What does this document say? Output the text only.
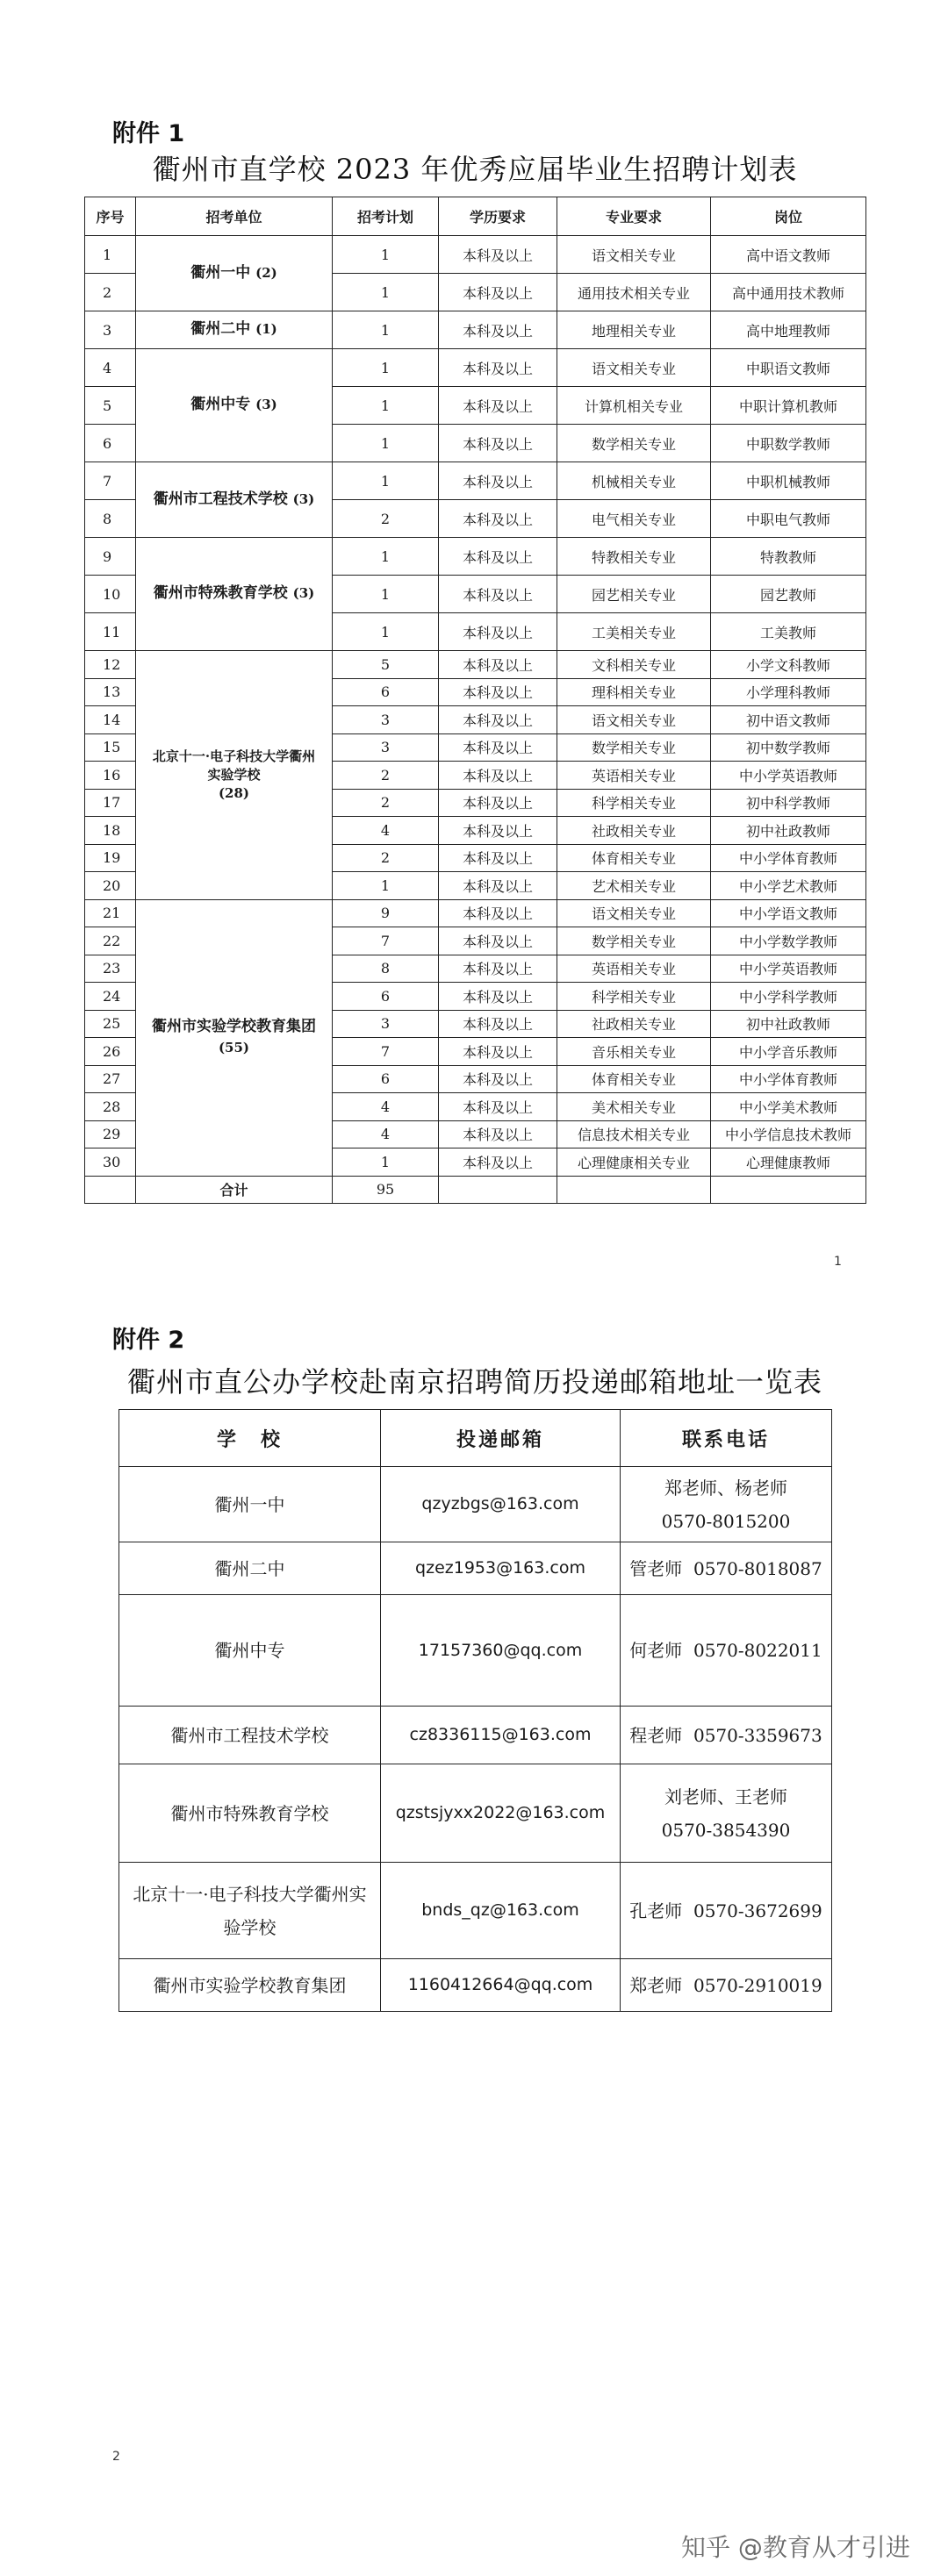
附件 1
衢州市直学校 2023 年优秀应届毕业生招聘计划表
序号	招考单位	招考计划	学历要求	专业要求	岗位
1	衢州一中 (2)	1	本科及以上	语文相关专业	高中语文教师
2		1	本科及以上	通用技术相关专业	高中通用技术教师
3	衢州二中 (1)	1	本科及以上	地理相关专业	高中地理教师
4	衢州中专 (3)	1	本科及以上	语文相关专业	中职语文教师
5		1	本科及以上	计算机相关专业	中职计算机教师
6		1	本科及以上	数学相关专业	中职数学教师
7	衢州市工程技术学校 (3)	1	本科及以上	机械相关专业	中职机械教师
8		2	本科及以上	电气相关专业	中职电气教师
9	衢州市特殊教育学校 (3)	1	本科及以上	特教相关专业	特教教师
10		1	本科及以上	园艺相关专业	园艺教师
11		1	本科及以上	工美相关专业	工美教师
12	北京十一·电子科技大学衢州实验学校
(28)	5	本科及以上	文科相关专业	小学文科教师
13		6	本科及以上	理科相关专业	小学理科教师
14		3	本科及以上	语文相关专业	初中语文教师
15		3	本科及以上	数学相关专业	初中数学教师
16		2	本科及以上	英语相关专业	中小学英语教师
17		2	本科及以上	科学相关专业	初中科学教师
18		4	本科及以上	社政相关专业	初中社政教师
19		2	本科及以上	体育相关专业	中小学体育教师
20		1	本科及以上	艺术相关专业	中小学艺术教师
21	衢州市实验学校教育集团 (55)	9	本科及以上	语文相关专业	中小学语文教师
22		7	本科及以上	数学相关专业	中小学数学教师
23		8	本科及以上	英语相关专业	中小学英语教师
24		6	本科及以上	科学相关专业	中小学科学教师
25		3	本科及以上	社政相关专业	初中社政教师
26		7	本科及以上	音乐相关专业	中小学音乐教师
27		6	本科及以上	体育相关专业	中小学体育教师
28		4	本科及以上	美术相关专业	中小学美术教师
29		4	本科及以上	信息技术相关专业	中小学信息技术教师
30		1	本科及以上	心理健康相关专业	心理健康教师
	合计	95			
1
附件 2
衢州市直公办学校赴南京招聘简历投递邮箱地址一览表
学　校	投递邮箱	联系电话
衢州一中	qzyzbgs@163.com	郑老师、杨老师
0570-8015200
衢州二中	qzez1953@163.com	管老师 0570-8018087
衢州中专	17157360@qq.com	何老师 0570-8022011
衢州市工程技术学校	cz8336115@163.com	程老师 0570-3359673
衢州市特殊教育学校	qzstsjyxx2022@163.com	刘老师、王老师
0570-3854390
北京十一·电子科技大学衢州实验学校	bnds_qz@163.com	孔老师 0570-3672699
衢州市实验学校教育集团	1160412664@qq.com	郑老师 0570-2910019
2
知乎 @教育从才引进
